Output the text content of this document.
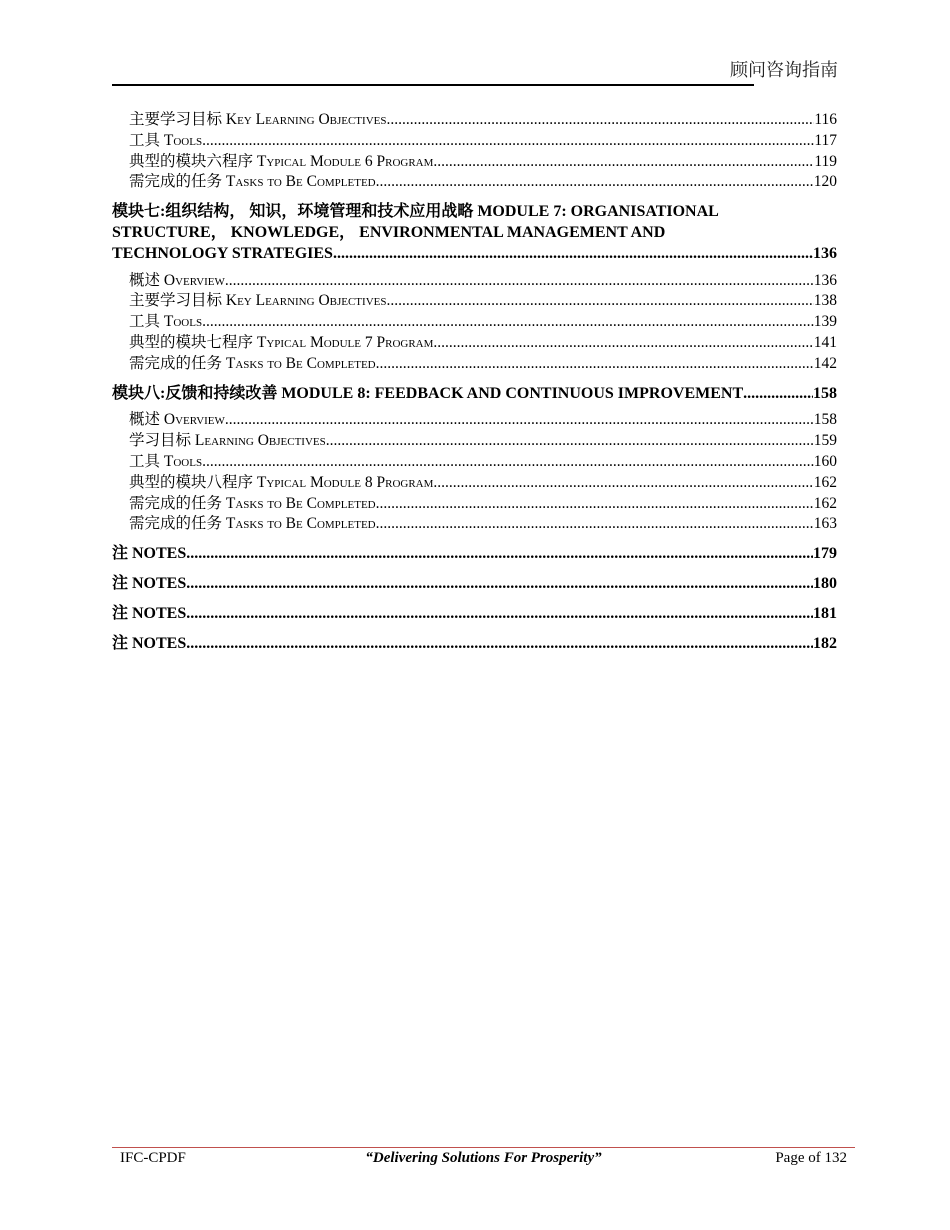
顾问咨询指南
主要学习目标 Key Learning Objectives .....	116
工具 Tools .....	117
典型的模块六程序 Typical Module 6 Program .....	119
需完成的任务 Tasks to Be Completed .....	120
模块七:组织结构， 知识，环境管理和技术应用战略 MODULE 7: ORGANISATIONAL
STRUCTURE， KNOWLEDGE， ENVIRONMENTAL MANAGEMENT AND
TECHNOLOGY STRATEGIES .....	136
概述 Overview .....	136
主要学习目标 Key Learning Objectives .....	138
工具 Tools .....	139
典型的模块七程序 Typical Module 7 Program .....	141
需完成的任务 Tasks to Be Completed .....	142
模块八:反馈和持续改善 MODULE 8: FEEDBACK AND CONTINUOUS IMPROVEMENT .....	158
概述 Overview .....	158
学习目标 Learning Objectives .....	159
工具 Tools .....	160
典型的模块八程序 Typical Module 8 Program .....	162
需完成的任务 Tasks to Be Completed .....	162
需完成的任务 Tasks to Be Completed .....	163
注 NOTES .....	179
注 NOTES .....	180
注 NOTES .....	181
注 NOTES .....	182
IFC-CPDF	“Delivering Solutions For Prosperity”	Page of 132
